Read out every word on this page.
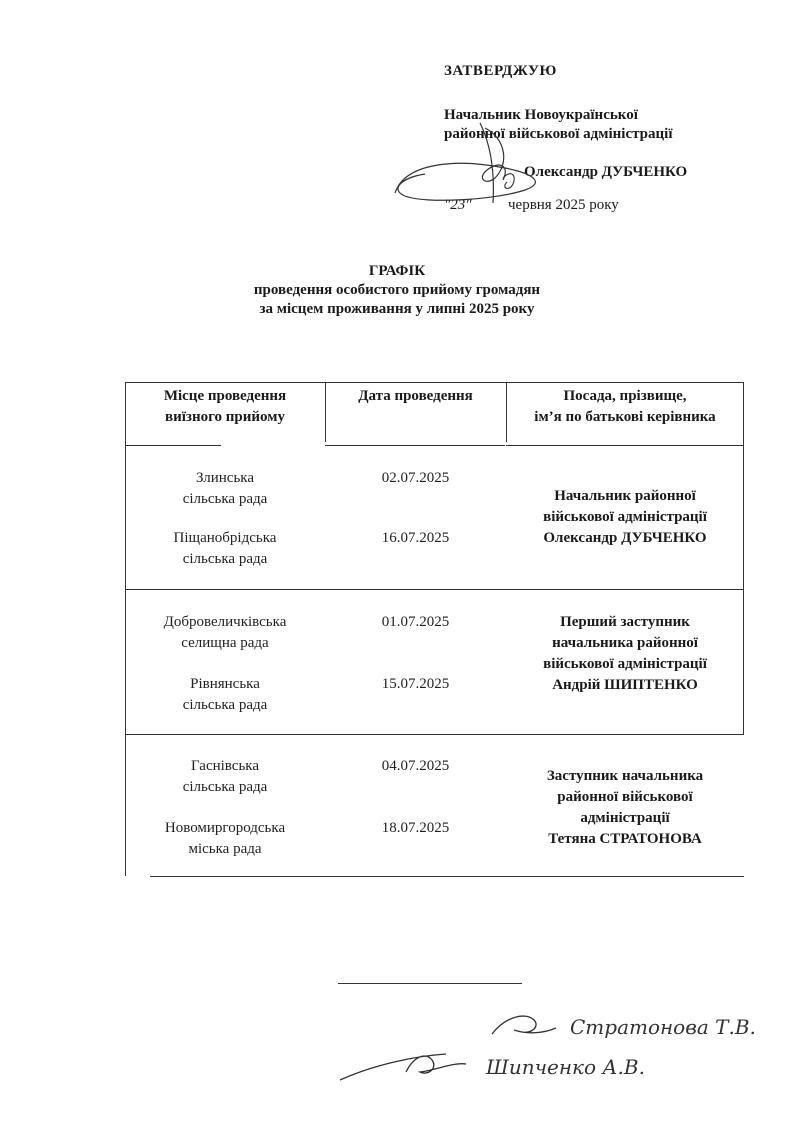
ЗАТВЕРДЖУЮ
Начальник Новоукраїнської
районної військової адміністрації
Олександр ДУБЧЕНКО
"23" червня 2025 року
ГРАФІК
проведення особистого прийому громадян
за місцем проживання у липні 2025 року
Місце проведення
виїзного прийому
Дата проведення	Посада, прізвище,
ім’я по батькові керівника
Злинська
сільська рада
02.07.2025
Піщанобрідська
сільська рада
16.07.2025
Начальник районної
військової адміністрації
Олександр ДУБЧЕНКО
Добровеличківська
селищна рада
01.07.2025
Рівнянська
сільська рада
15.07.2025
Перший заступник
начальника районної
військової адміністрації
Андрій ШИПТЕНКО
Гаснівська
сільська рада
04.07.2025
Новомиргородська
міська рада
18.07.2025
Заступник начальника
районної військової
адміністрації
Тетяна СТРАТОНОВА
Стратонова Т.В.
Шипченко А.В.
